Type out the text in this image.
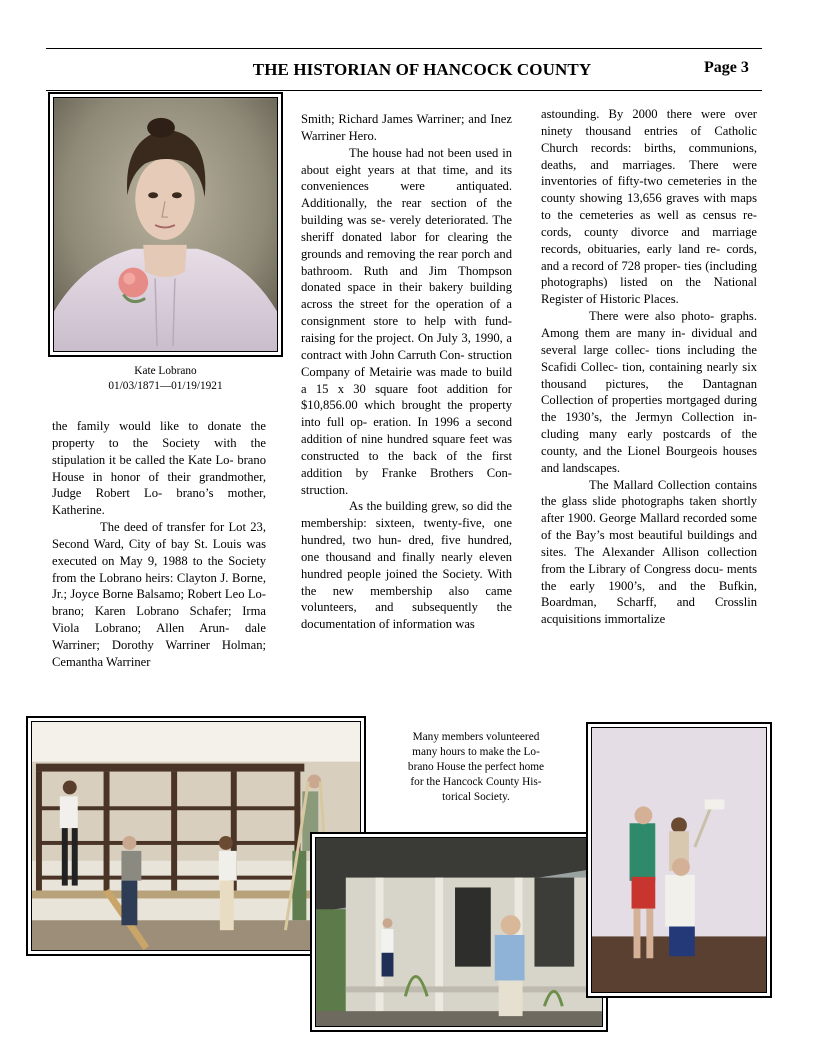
THE HISTORIAN OF HANCOCK COUNTY	Page 3
Kate Lobrano
01/03/1871—01/19/1921

the family would like to donate the property to the Society with the stipulation it be called the Kate Lo- brano House in honor of their grandmother, Judge Robert Lo- brano’s mother, Katherine.

The deed of transfer for Lot 23, Second Ward, City of bay St. Louis was executed on May 9, 1988 to the Society from the Lobrano heirs: Clayton J. Borne, Jr.; Joyce Borne Balsamo; Robert Leo Lo- brano; Karen Lobrano Schafer; Irma Viola Lobrano; Allen Arun- dale Warriner; Dorothy Warriner Holman; Cemantha Warriner

Smith; Richard James Warriner; and Inez Warriner Hero.

The house had not been used in about eight years at that time, and its conveniences were antiquated. Additionally, the rear section of the building was se- verely deteriorated. The sheriff donated labor for clearing the grounds and removing the rear porch and bathroom. Ruth and Jim Thompson donated space in their bakery building across the street for the operation of a consignment store to help with fund-raising for the project. On July 3, 1990, a contract with John Carruth Con- struction Company of Metairie was made to build a 15 x 30 square foot addition for $10,856.00 which brought the property into full op- eration. In 1996 a second addition of nine hundred square feet was constructed to the back of the first addition by Franke Brothers Con- struction.

As the building grew, so did the membership: sixteen, twenty-five, one hundred, two hun- dred, five hundred, one thousand and finally nearly eleven hundred people joined the Society. With the new membership also came volunteers, and subsequently the documentation of information was

astounding. By 2000 there were over ninety thousand entries of Catholic Church records: births, communions, deaths, and marriages. There were inventories of fifty-two cemeteries in the county showing 13,656 graves with maps to the cemeteries as well as census re- cords, county divorce and marriage records, obituaries, early land re- cords, and a record of 728 proper- ties (including photographs) listed on the National Register of Historic Places.

There were also photo- graphs. Among them are many in- dividual and several large collec- tions including the Scafidi Collec- tion, containing nearly six thousand pictures, the Dantagnan Collection of properties mortgaged during the 1930’s, the Jermyn Collection in- cluding many early postcards of the county, and the Lionel Bourgeois houses and landscapes.

The Mallard Collection contains the glass slide photographs taken shortly after 1900. George Mallard recorded some of the Bay’s most beautiful buildings and sites. The Alexander Allison collection from the Library of Congress docu- ments the early 1900’s, and the Bufkin, Boardman, Scharff, and Crosslin acquisitions immortalize

Many members volunteered
many hours to make the Lo-
brano House the perfect home
for the Hancock County His-
torical Society.
